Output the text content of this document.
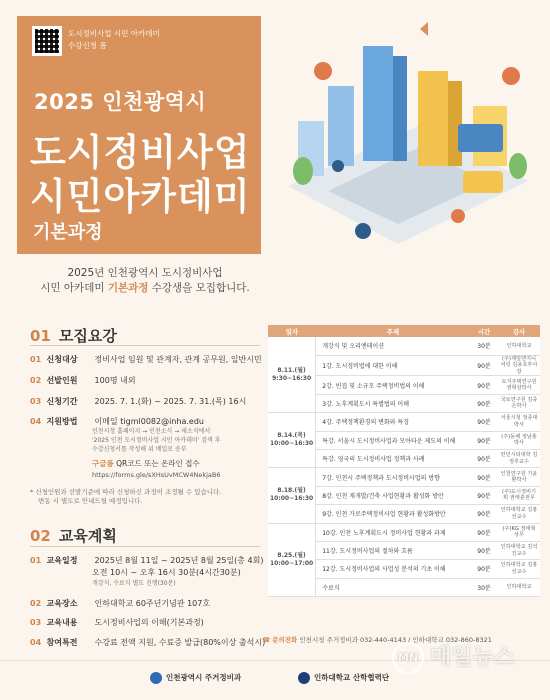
도시정비사업 시민 아카데미
수강신청 폼
2025 인천광역시
도시정비사업
시민아카데미
기본과정
2025년 인천광역시 도시정비사업
시민 아카데미 기본과정 수강생을 모집합니다.
01 모집요강
01 신청대상 정비사업 임원 및 관계자, 관계 공무원, 일반시민
02 선발인원 100명 내외
03 신청기간 2025. 7. 1.(화) ~ 2025. 7. 31.(목) 16시
04 지원방법 이메일 tigml0082@inha.edu
인천시청 홈페이지 → 인천소식 → 새소식에서
'2025 인천 도시정비사업 시민 아카데미' 검색 후
수강신청서를 작성해 위 메일로 송부
구글폼 QR코드 또는 온라인 접수
https://forms.gle/sXHsUvMCW4NekjaB6
* 신청인원과 선발기준에 따라 신청하신 과정이 조정될 수 있습니다.
변동 시 별도로 안내드릴 예정입니다.
02 교육계획
01 교육일정 2025년 8월 11일 ~ 2025년 8월 25일(총 4회)
오전 10시 ~ 오후 16시 30분(4시간30분)
개강식, 수료식 별도 진행(30분)
02 교육장소 인하대학교 60주년기념관 107호
03 교육내용 도시정비사업의 이해(기본과정)
04 참여특전 수강료 전액 지원, 수료증 발급(80%이상 출석시)
일자	주제	시간	강사

8.11.(월)
9:30~16:30	개강식 및 오리엔테이션	30분	인하대학교
	1강. 도시정비법에 대한 이해	90분	(주)제일엔지니어링 김용호부사장
	2강. 빈집 및 소규모 주택정비법의 이해	90분	토지주택연구원 권혁삼박사
	3강. 노후계획도시 특별법의 이해	90분	국토연구원 김중은박사

8.14.(목)
10:00~16:30	4강. 주택정책환경의 변화와 특징	90분	서울시청 정종대박사
	특강. 서울시 도시정비사업과 모아타운 제도의 이해	90분	(주)동해 정남홍박사
	특강. 영국의 도시정비사업 정책과 사례	90분	런던시티대학 김정후교수

8.18.(월)
10:00~16:30	7강. 인천시 주택정책과 도시정비사업의 방향	90분	인천연구원 기윤환박사
	8강. 인천 재개발/건축 사업현황과 활성화 방안	90분	(주)도시정비기획 권태훈전무
	9강. 인천 가로주택정비사업 현황과 활성화방안	90분	인하대학교 김홍선교수

8.25.(월)
10:00~17:00	10강. 인천 노후계획도시 정비사업 현황과 과제	90분	(주)KG 정태혁상무
	11강. 도시정비사업의 절차와 흐름	90분	인하대학교 김석진교수
	12강. 도시정비사업의 사업성 분석의 기초 이해	90분	인하대학교 김홍선교수
	수료식	30분	인하대학교
☎ 문의전화 인천시청 주거정비과 032-440-4143 / 인하대학교 032-860-8321
인천광역시 주거정비과	인하대학교 산학협력단
MN 매일뉴스
